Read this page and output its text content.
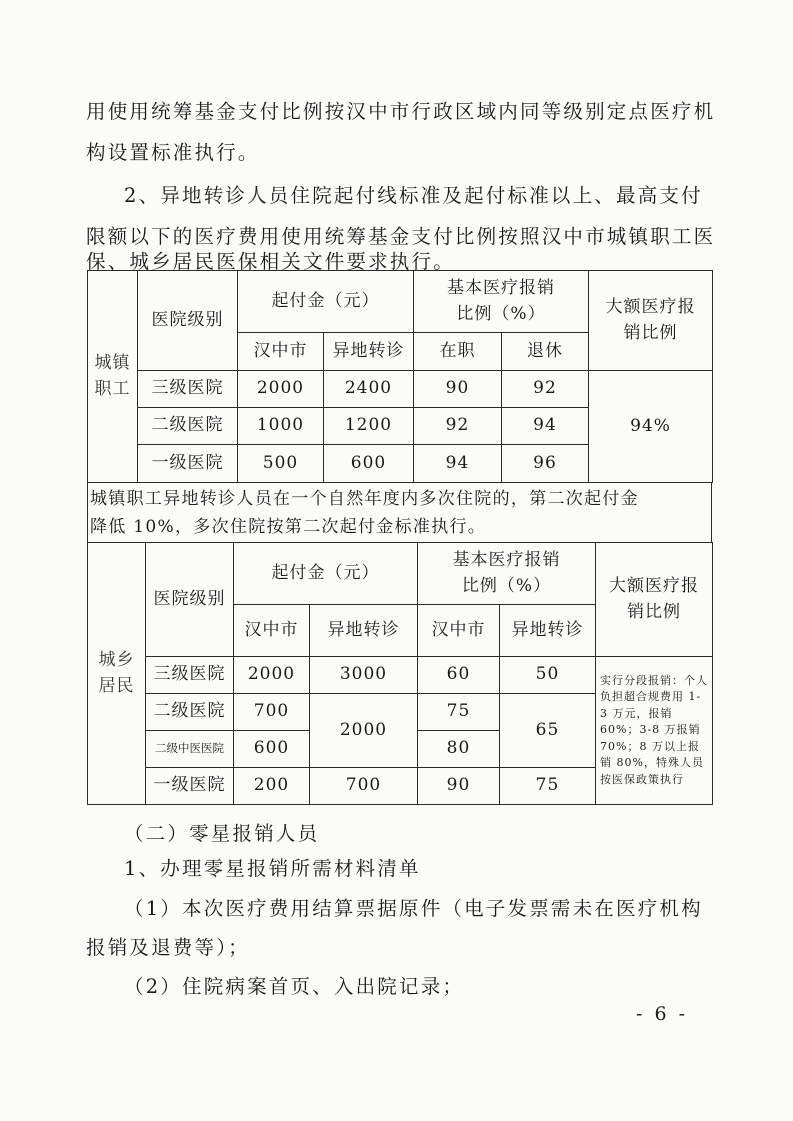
用使用统筹基金支付比例按汉中市行政区域内同等级别定点医疗机
构设置标准执行。
2、异地转诊人员住院起付线标准及起付标准以上、最高支付
限额以下的医疗费用使用统筹基金支付比例按照汉中市城镇职工医
保、城乡居民医保相关文件要求执行。
城镇
职工	医院级别	起付金（元）		基本医疗报销
比例（%）		大额医疗报
销比例
		汉中市	异地转诊	在职	退休	
	三级医院	2000	2400	90	92	94%
	二级医院	1000	1200	92	94	
	一级医院	500	600	94	96	
城镇职工异地转诊人员在一个自然年度内多次住院的，第二次起付金
降低 10%，多次住院按第二次起付金标准执行。
城乡
居民	医院级别	起付金（元）		基本医疗报销
比例（%）		大额医疗报
销比例
		汉中市	异地转诊	汉中市	异地转诊	
	三级医院	2000	3000	60	50	实行分段报销：个人负担超合规费用 1-3 万元，报销 60%；3-8 万报销 70%；8 万以上报销 80%，特殊人员按医保政策执行
	二级医院	700	2000	75	65	
	二级中医医院	600		80		
	一级医院	200	700	90	75	
（二）零星报销人员
1、办理零星报销所需材料清单
（1）本次医疗费用结算票据原件（电子发票需未在医疗机构
报销及退费等）；
（2）住院病案首页、入出院记录；
- 6 -
